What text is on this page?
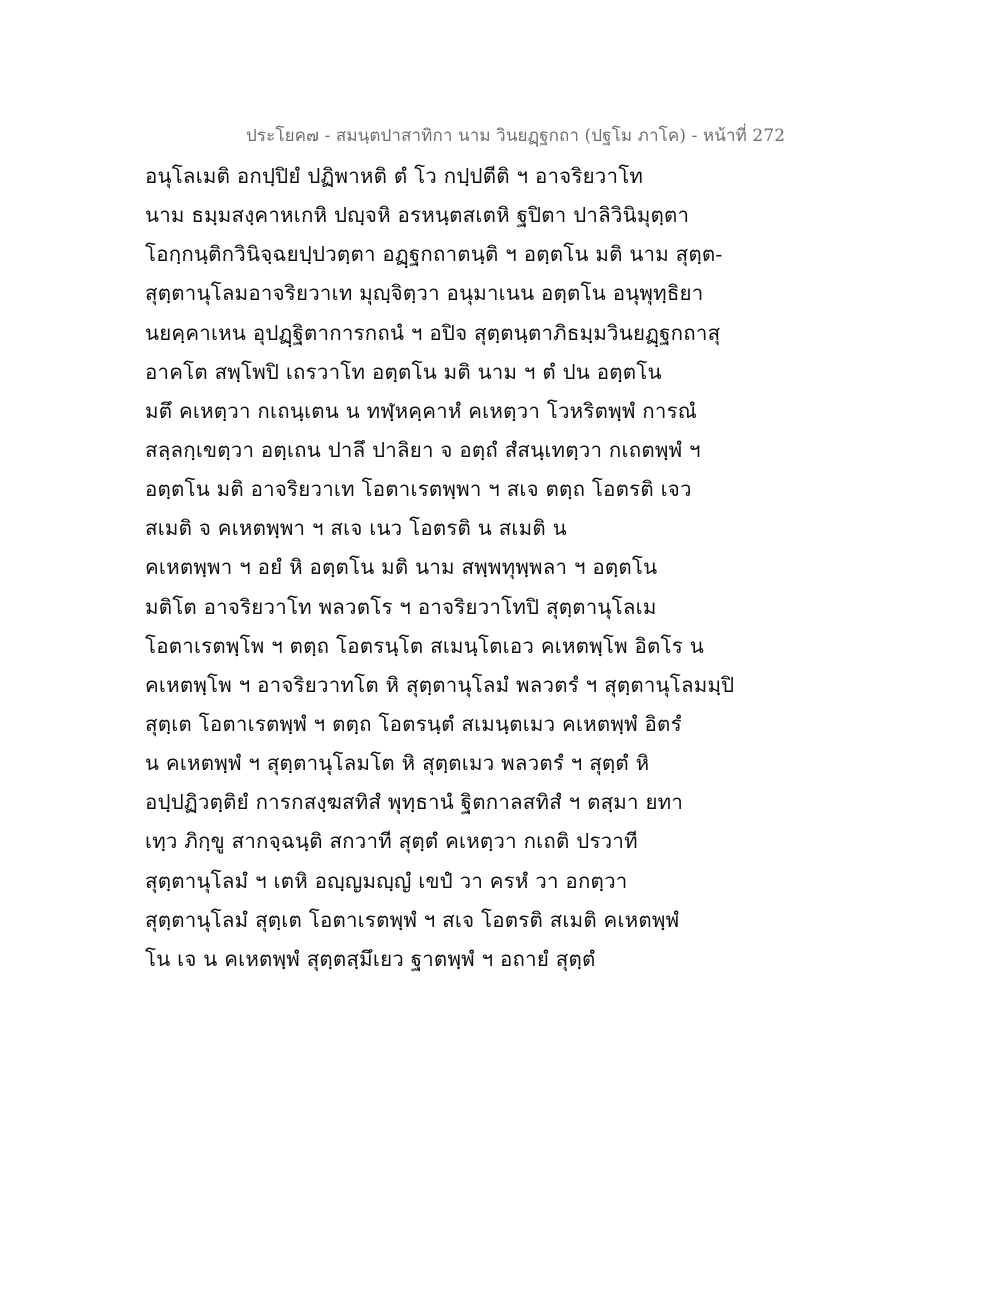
ประโยค๗ - สมนฺตปาสาทิกา นาม วินยฏฺฐกถา (ปฐโม ภาโค) - หน้าที่ 272
อนุโลเมติ อกปฺปิยํ ปฏิพาหติ ตํ โว กปฺปตีติ ฯ อาจริยวาโท
นาม ธมฺมสงฺคาหเกหิ ปญฺจหิ อรหนฺตสเตหิ ฐปิตา ปาลิวินิมุตฺตา
โอกฺกนฺติกวินิจฺฉยปฺปวตฺตา อฏฺฐกถาตนฺติ ฯ อตฺตโน มติ นาม สุตฺต-
สุตฺตานุโลมอาจริยวาเท มุญฺจิตฺวา อนุมาเนน อตฺตโน อนุพุทฺธิยา
นยคฺคาเหน อุปฏฺฐิตาการกถนํ ฯ อปิจ สุตฺตนฺตาภิธมฺมวินยฏฺฐกถาสุ
อาคโต สพฺโพปิ เถรวาโท อตฺตโน มติ นาม ฯ ตํ ปน อตฺตโน
มตึ คเหตฺวา กเถนฺเตน น ทฬฺหคฺคาหํ คเหตฺวา โวหริตพฺพํ การณํ
สลฺลกฺเขตฺวา อตฺเถน ปาลึ ปาลิยา จ อตฺถํ สํสนฺเทตฺวา กเถตพฺพํ ฯ
อตฺตโน มติ อาจริยวาเท โอตาเรตพฺพา ฯ สเจ ตตฺถ โอตรติ เจว
สเมติ จ คเหตพฺพา ฯ สเจ เนว โอตรติ น สเมติ น
คเหตพฺพา ฯ อยํ หิ อตฺตโน มติ นาม สพฺพทุพฺพลา ฯ อตฺตโน
มติโต อาจริยวาโท พลวตโร ฯ อาจริยวาโทปิ สุตฺตานุโลเม
โอตาเรตพฺโพ ฯ ตตฺถ โอตรนฺโต สเมนฺโตเอว คเหตพฺโพ อิตโร น
คเหตพฺโพ ฯ อาจริยวาทโต หิ สุตฺตานุโลมํ พลวตรํ ฯ สุตฺตานุโลมมฺปิ
สุตฺเต โอตาเรตพฺพํ ฯ ตตฺถ โอตรนฺตํ สเมนฺตเมว คเหตพฺพํ อิตรํ
น คเหตพฺพํ ฯ สุตฺตานุโลมโต หิ สุตฺตเมว พลวตรํ ฯ สุตฺตํ หิ
อปฺปฏิวตฺติยํ การกสงฺฆสทิสํ พุทฺธานํ ฐิตกาลสทิสํ ฯ ตสฺมา ยทา
เทฺว ภิกฺขู สากจฺฉนฺติ สกวาที สุตฺตํ คเหตฺวา กเถติ ปรวาที
สุตฺตานุโลมํ ฯ เตหิ อญฺญมญฺญํ เขปํ วา ครหํ วา อกตฺวา
สุตฺตานุโลมํ สุตฺเต โอตาเรตพฺพํ ฯ สเจ โอตรติ สเมติ คเหตพฺพํ
โน เจ น คเหตพฺพํ สุตฺตสฺมึเยว ฐาตพฺพํ ฯ อถายํ สุตฺตํ
